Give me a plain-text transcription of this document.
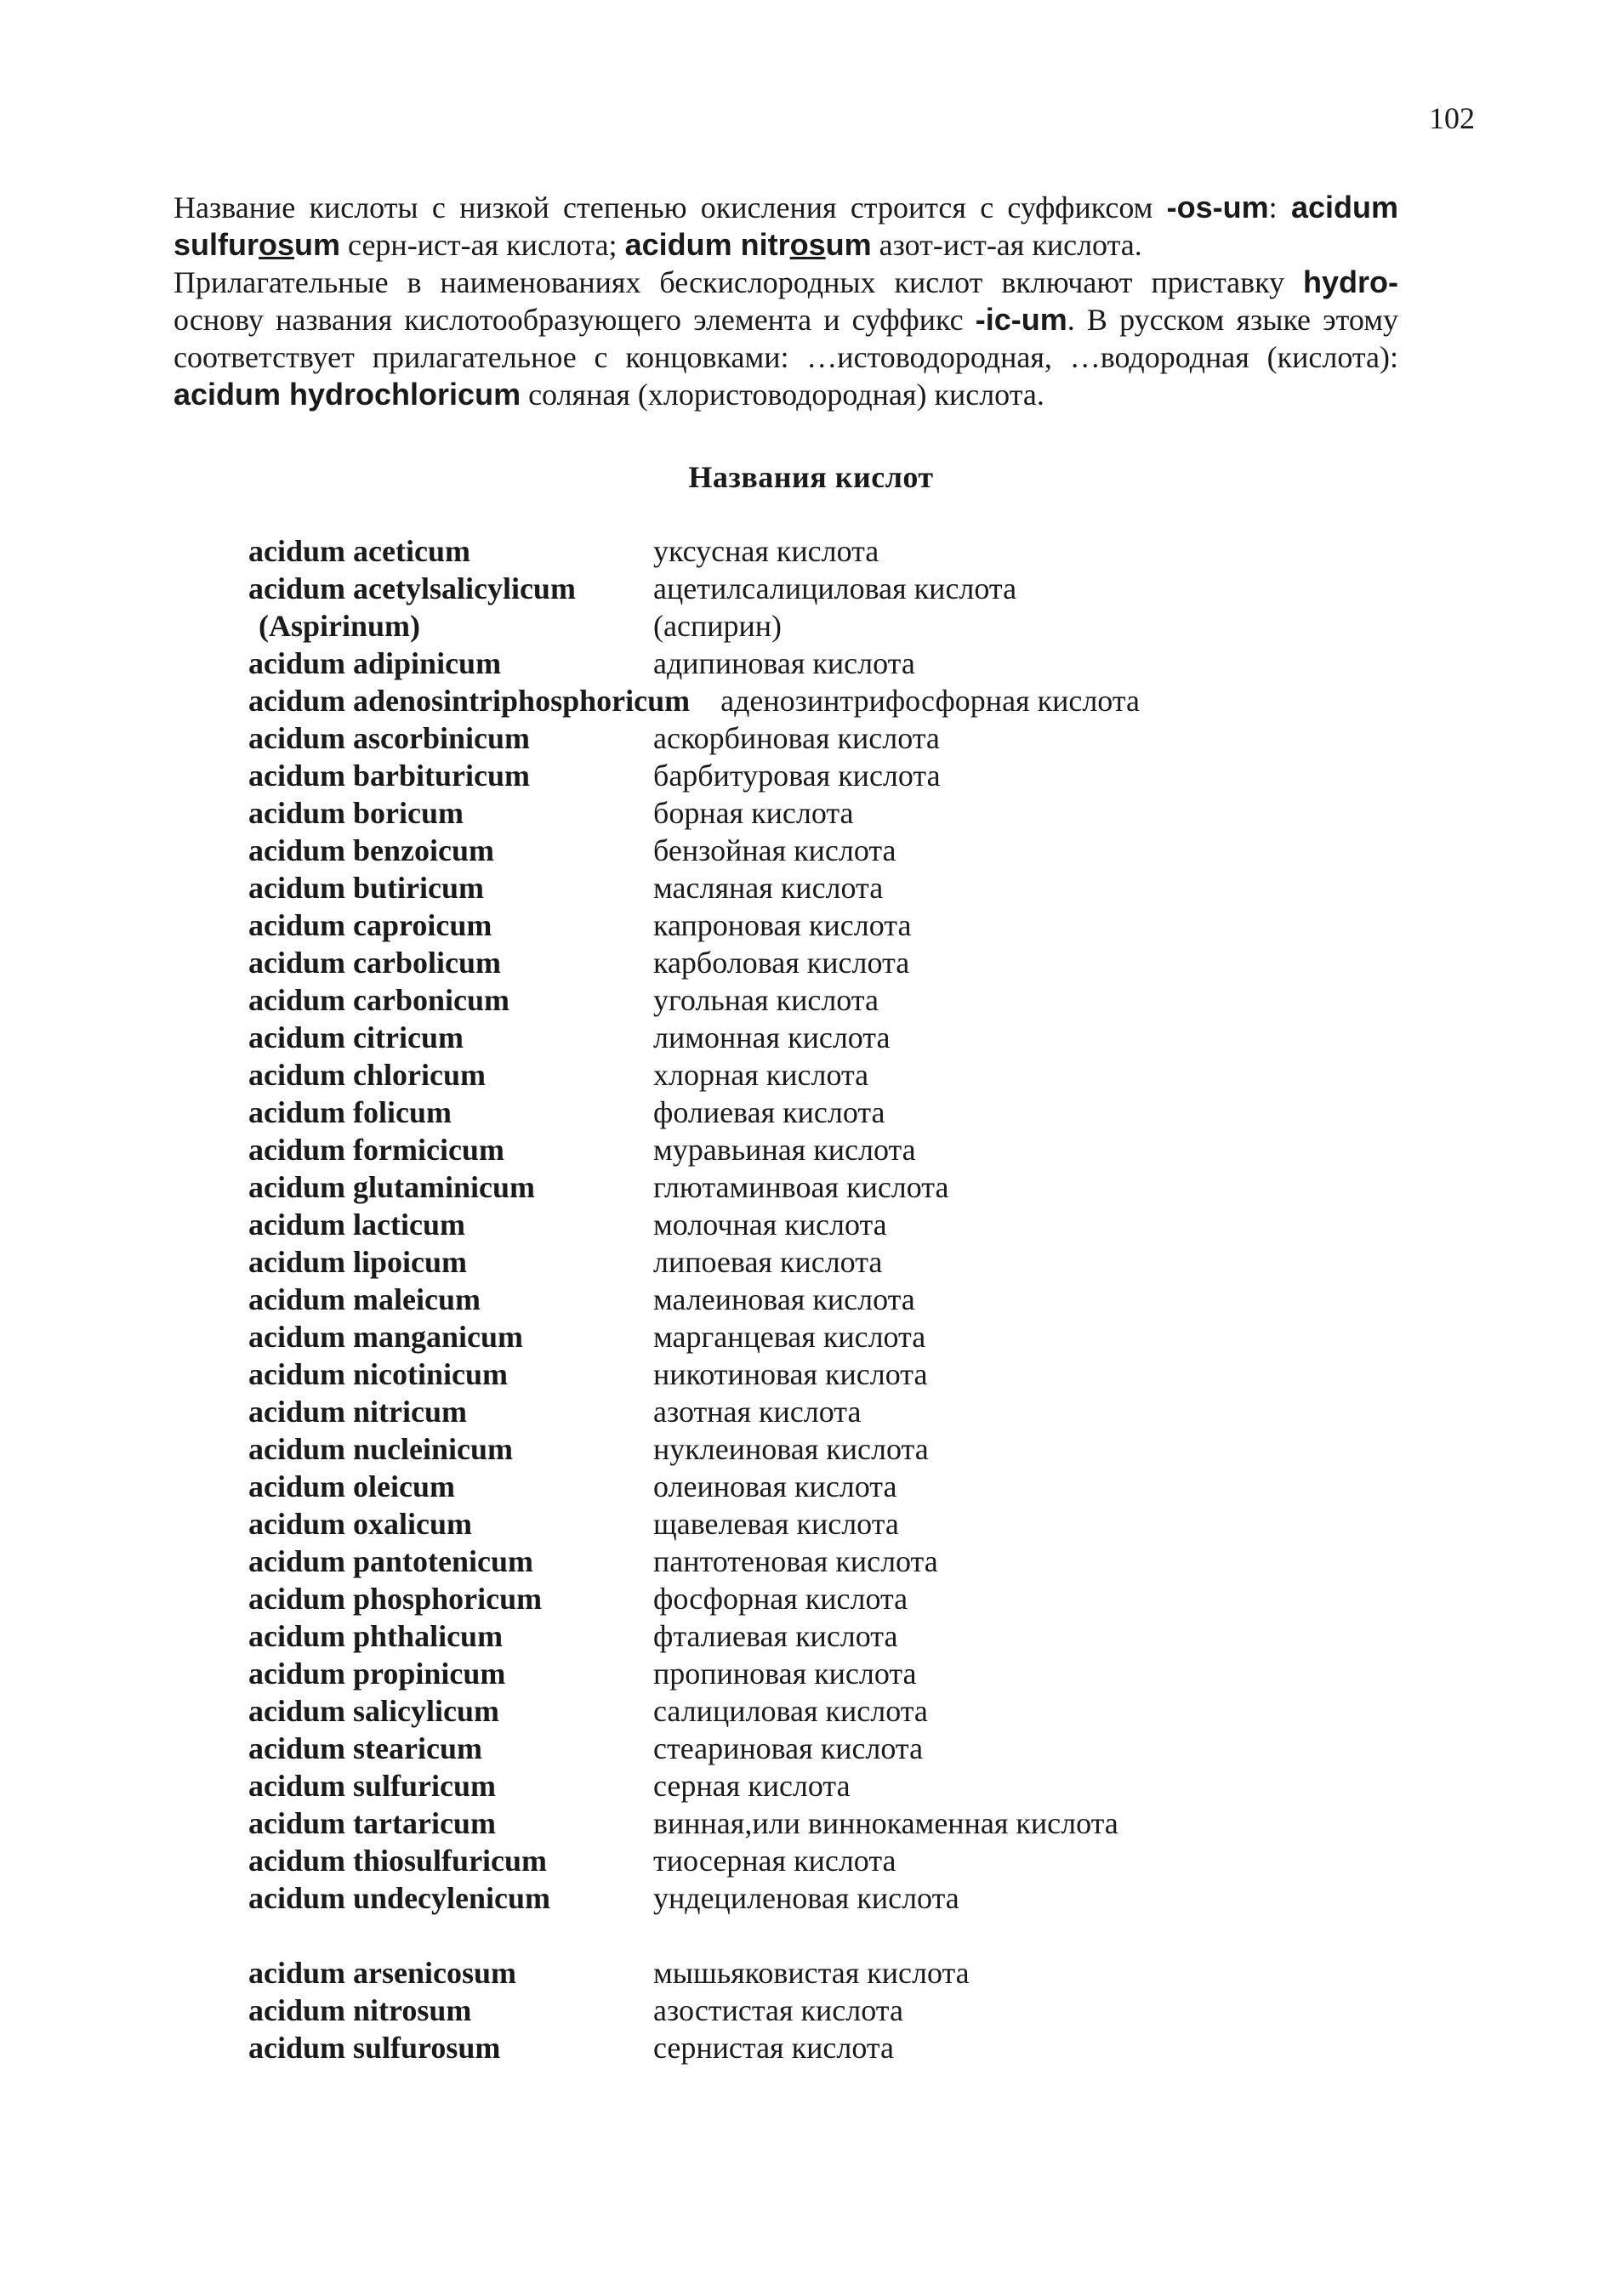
102

Название кислоты с низкой степенью окисления строится с суффиксом -os-um: acidum sulfurosum серн-ист-ая кислота; acidum nitrosum азот-ист-ая кислота.

Прилагательные в наименованиях бескислородных кислот включают приставку hydro- основу названия кислотообразующего элемента и суффикс -ic-um. В русском языке этому соответствует прилагательное с концовками: …истоводородная, …водородная (кислота): acidum hydrochloricum соляная (хлористоводородная) кислота.

Названия кислот
acidum aceticum	уксусная кислота
acidum acetylsalicylicum	ацетилсалициловая кислота
(Aspirinum)	(аспирин)
acidum adipinicum	адипиновая кислота
acidum adenosintriphosphoricum	аденозинтрифосфорная кислота
acidum ascorbinicum	аскорбиновая кислота
acidum barbituricum	барбитуровая кислота
acidum boricum	борная кислота
acidum benzoicum	бензойная кислота
acidum butiricum	масляная кислота
acidum caproicum	капроновая кислота
acidum carbolicum	карболовая кислота
acidum carbonicum	угольная кислота
acidum citricum	лимонная кислота
acidum chloricum	хлорная кислота
acidum folicum	фолиевая кислота
acidum formicicum	муравьиная кислота
acidum glutaminicum	глютаминвоая кислота
acidum lacticum	молочная кислота
acidum lipoicum	липоевая кислота
acidum maleicum	малеиновая кислота
acidum manganicum	марганцевая кислота
acidum nicotinicum	никотиновая кислота
acidum nitricum	азотная кислота
acidum nucleinicum	нуклеиновая кислота
acidum oleicum	олеиновая кислота
acidum oxalicum	щавелевая кислота
acidum pantotenicum	пантотеновая кислота
acidum phosphoricum	фосфорная кислота
acidum phthalicum	фталиевая кислота
acidum propinicum	пропиновая кислота
acidum salicylicum	салициловая кислота
acidum stearicum	стеариновая кислота
acidum sulfuricum	серная кислота
acidum tartaricum	винная,или виннокаменная кислота
acidum thiosulfuricum	тиосерная кислота
acidum undecylenicum	ундециленовая кислота
acidum arsenicosum	мышьяковистая кислота
acidum nitrosum	азостистая кислота
acidum sulfurosum	сернистая кислота
